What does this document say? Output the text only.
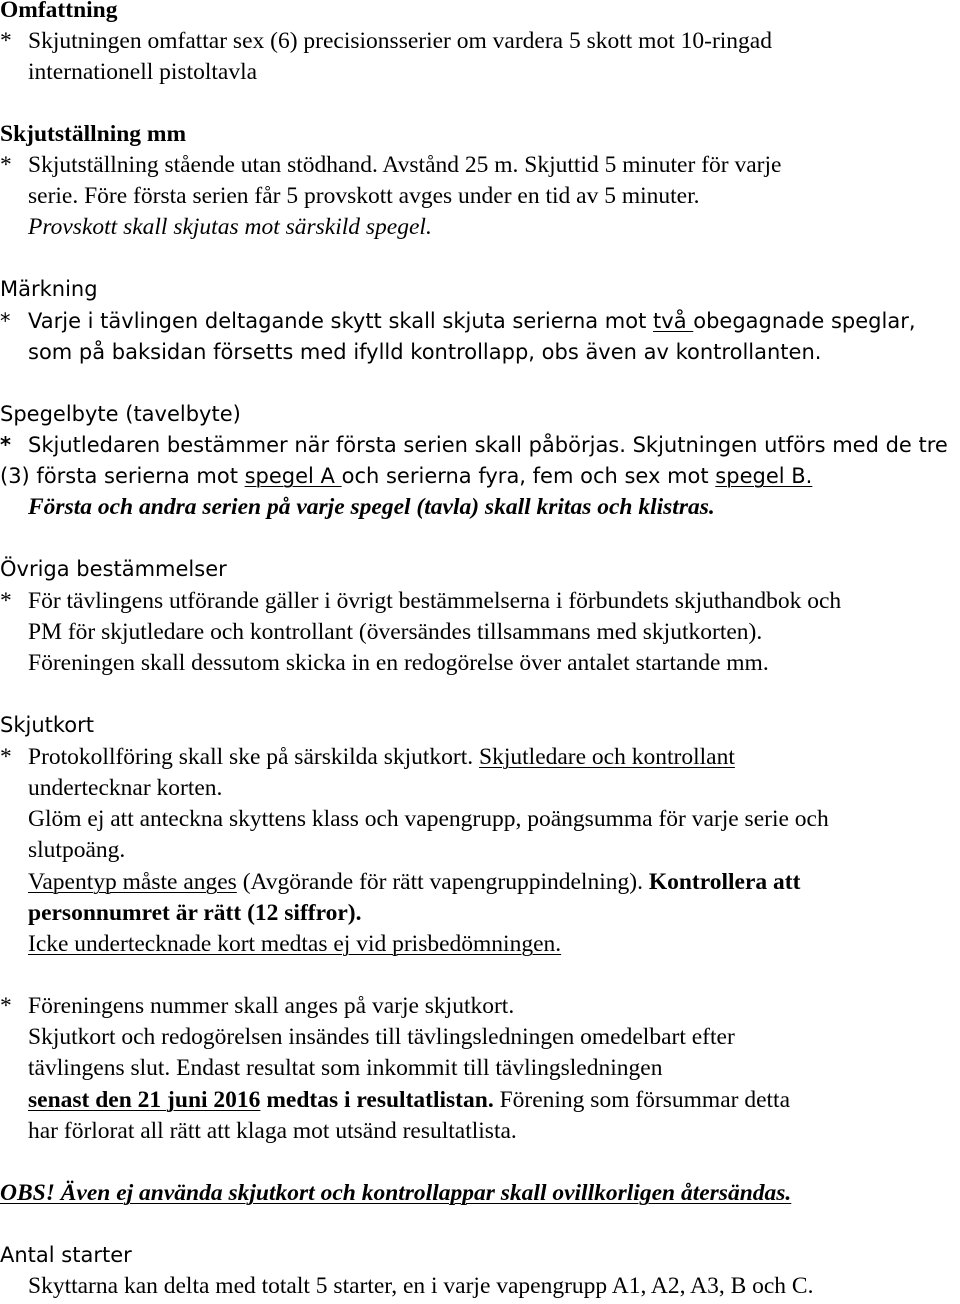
Omfattning
* Skjutningen omfattar sex (6) precisionsserier om vardera 5 skott mot 10-ringad
internationell pistoltavla
Skjutställning mm
* Skjutställning stående utan stödhand. Avstånd 25 m. Skjuttid 5 minuter för varje
serie. Före första serien får 5 provskott avges under en tid av 5 minuter.
Provskott skall skjutas mot särskild spegel.
Märkning
* Varje i tävlingen deltagande skytt skall skjuta serierna mot två obegagnade speglar,
som på baksidan försetts med ifylld kontrollapp, obs även av kontrollanten.
Spegelbyte (tavelbyte)
* Skjutledaren bestämmer när första serien skall påbörjas. Skjutningen utförs med de tre
(3) första serierna mot spegel A och serierna fyra, fem och sex mot spegel B.
Första och andra serien på varje spegel (tavla) skall kritas och klistras.
Övriga bestämmelser
* För tävlingens utförande gäller i övrigt bestämmelserna i förbundets skjuthandbok och
PM för skjutledare och kontrollant (översändes tillsammans med skjutkorten).
Föreningen skall dessutom skicka in en redogörelse över antalet startande mm.
Skjutkort
* Protokollföring skall ske på särskilda skjutkort. Skjutledare och kontrollant
undertecknar korten.
Glöm ej att anteckna skyttens klass och vapengrupp, poängsumma för varje serie och
slutpoäng.
Vapentyp måste anges (Avgörande för rätt vapengruppindelning). Kontrollera att
personnumret är rätt (12 siffror).
Icke undertecknade kort medtas ej vid prisbedömningen.
* Föreningens nummer skall anges på varje skjutkort.
Skjutkort och redogörelsen insändes till tävlingsledningen omedelbart efter
tävlingens slut. Endast resultat som inkommit till tävlingsledningen
senast den 21 juni 2016 medtas i resultatlistan. Förening som försummar detta
har förlorat all rätt att klaga mot utsänd resultatlista.
OBS! Även ej använda skjutkort och kontrollappar skall ovillkorligen återsändas.
Antal starter
Skyttarna kan delta med totalt 5 starter, en i varje vapengrupp A1, A2, A3, B och C.
